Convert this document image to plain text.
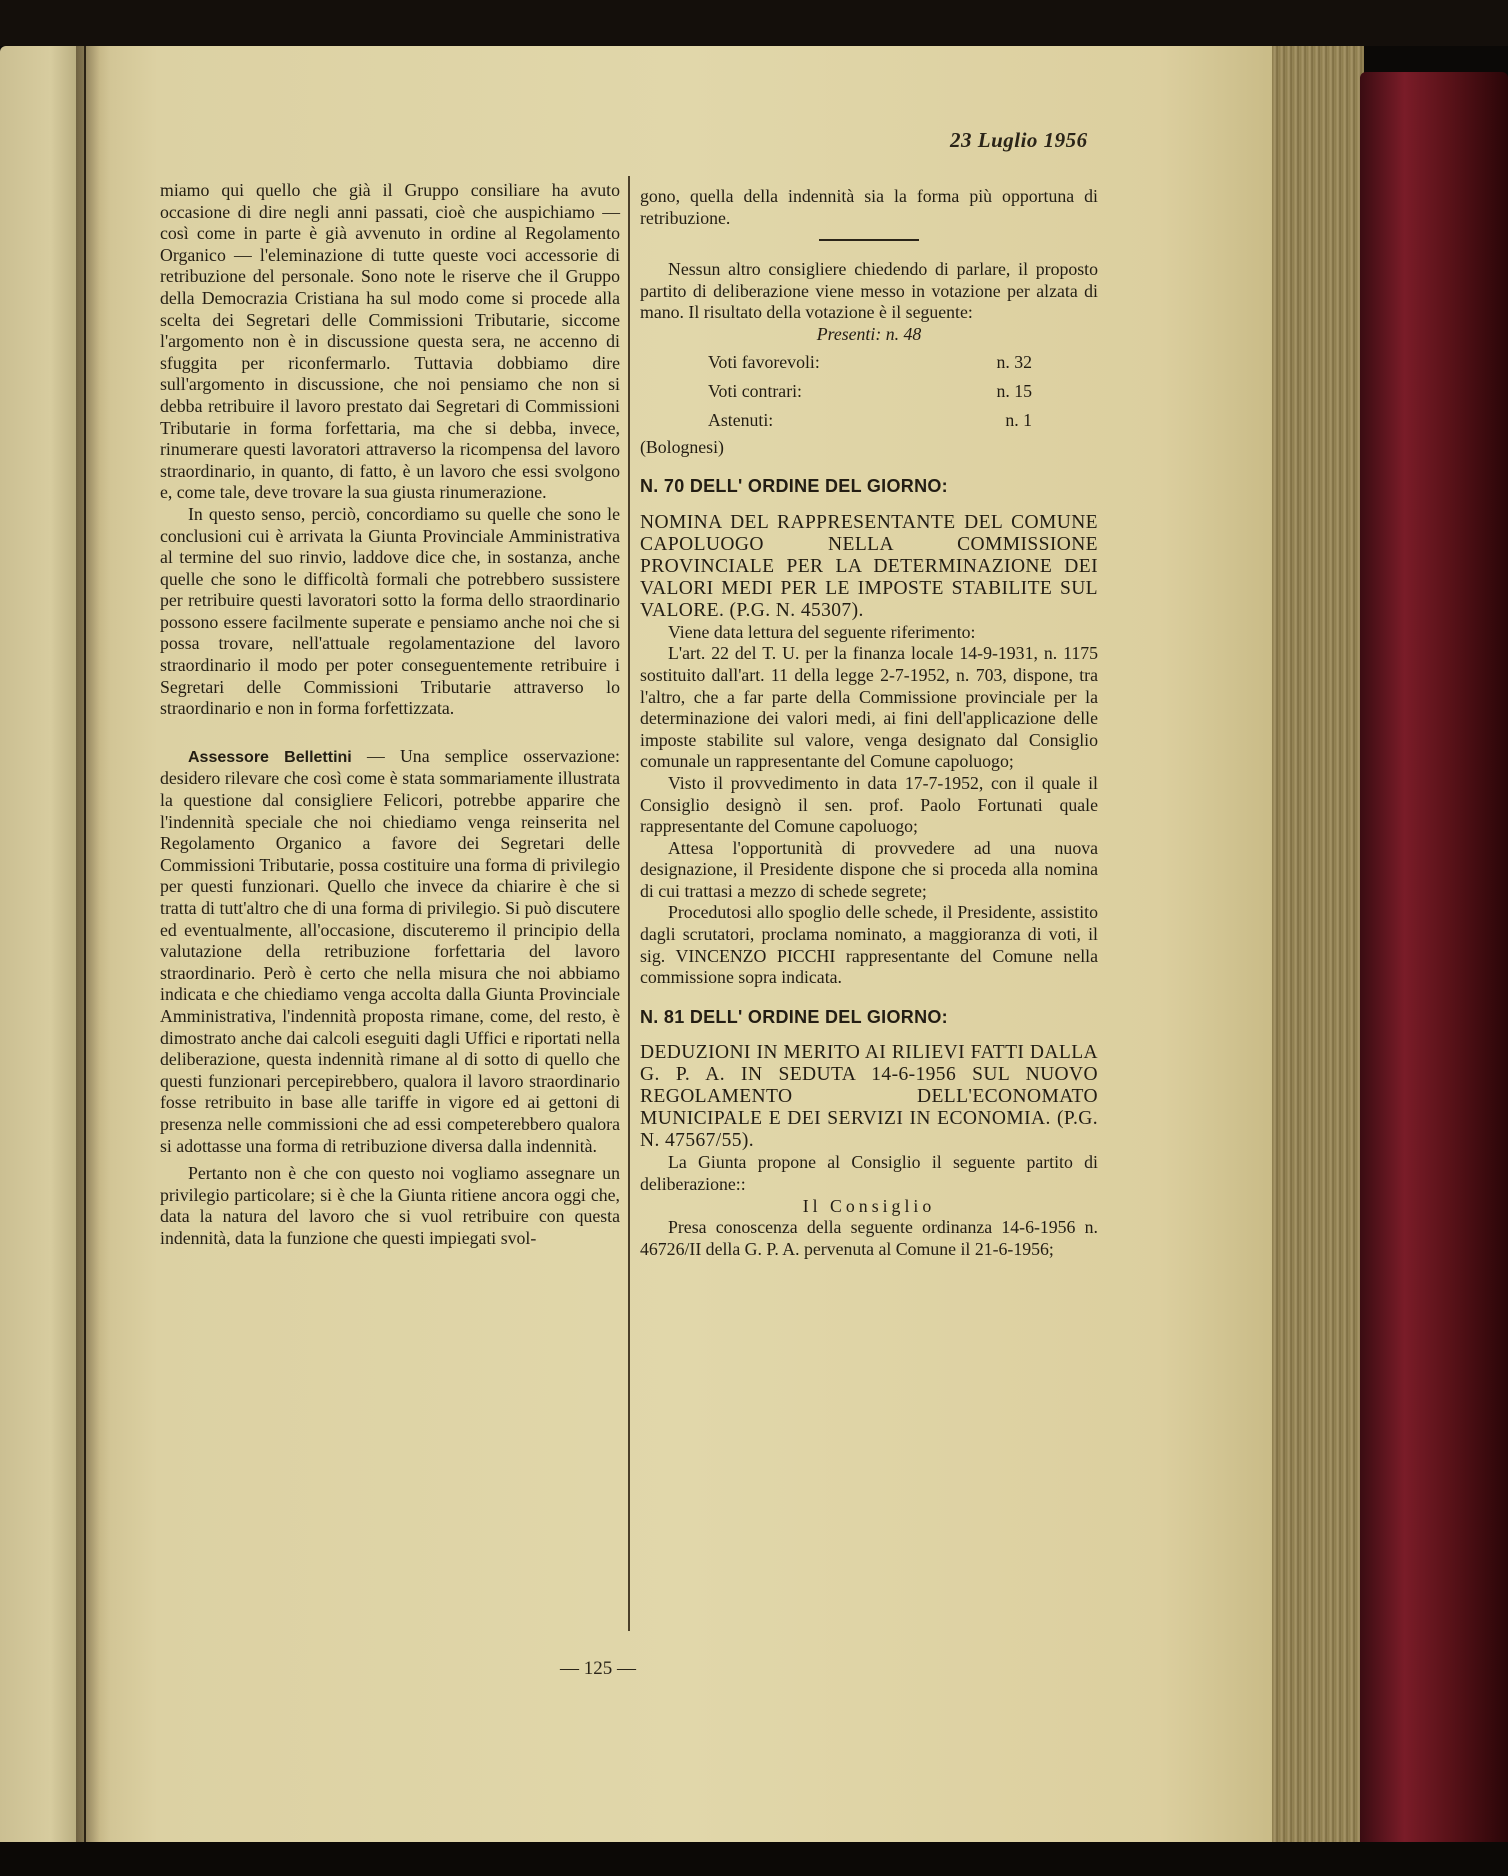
23 Luglio 1956

miamo qui quello che già il Gruppo consiliare ha avuto occasione di dire negli anni passati, cioè che auspichiamo — così come in parte è già avvenuto in ordine al Regolamento Organico — l'eleminazione di tutte queste voci accessorie di retribuzione del personale. Sono note le riserve che il Gruppo della Democrazia Cristiana ha sul modo come si procede alla scelta dei Segretari delle Commissioni Tributarie, siccome l'argomento non è in discussione questa sera, ne accenno di sfuggita per riconfermarlo. Tuttavia dobbiamo dire sull'argomento in discussione, che noi pensiamo che non si debba retribuire il lavoro prestato dai Segretari di Commissioni Tributarie in forma forfettaria, ma che si debba, invece, rinumerare questi lavoratori attraverso la ricompensa del lavoro straordinario, in quanto, di fatto, è un lavoro che essi svolgono e, come tale, deve trovare la sua giusta rinumerazione.

In questo senso, perciò, concordiamo su quelle che sono le conclusioni cui è arrivata la Giunta Provinciale Amministrativa al termine del suo rinvio, laddove dice che, in sostanza, anche quelle che sono le difficoltà formali che potrebbero sussistere per retribuire questi lavoratori sotto la forma dello straordinario possono essere facilmente superate e pensiamo anche noi che si possa trovare, nell'attuale regolamentazione del lavoro straordinario il modo per poter conseguentemente retribuire i Segretari delle Commissioni Tributarie attraverso lo straordinario e non in forma forfettizzata.

Assessore Bellettini — Una semplice osservazione: desidero rilevare che così come è stata sommariamente illustrata la questione dal consigliere Felicori, potrebbe apparire che l'indennità speciale che noi chiediamo venga reinserita nel Regolamento Organico a favore dei Segretari delle Commissioni Tributarie, possa costituire una forma di privilegio per questi funzionari. Quello che invece da chiarire è che si tratta di tutt'altro che di una forma di privilegio. Si può discutere ed eventualmente, all'occasione, discuteremo il principio della valutazione della retribuzione forfettaria del lavoro straordinario. Però è certo che nella misura che noi abbiamo indicata e che chiediamo venga accolta dalla Giunta Provinciale Amministrativa, l'indennità proposta rimane, come, del resto, è dimostrato anche dai calcoli eseguiti dagli Uffici e riportati nella deliberazione, questa indennità rimane al di sotto di quello che questi funzionari percepirebbero, qualora il lavoro straordinario fosse retribuito in base alle tariffe in vigore ed ai gettoni di presenza nelle commissioni che ad essi competerebbero qualora si adottasse una forma di retribuzione diversa dalla indennità.

Pertanto non è che con questo noi vogliamo assegnare un privilegio particolare; si è che la Giunta ritiene ancora oggi che, data la natura del lavoro che si vuol retribuire con questa indennità, data la funzione che questi impiegati svol-

gono, quella della indennità sia la forma più opportuna di retribuzione.

Nessun altro consigliere chiedendo di parlare, il proposto partito di deliberazione viene messo in votazione per alzata di mano. Il risultato della votazione è il seguente:

Presenti: n. 48

Voti favorevoli:	n. 32
Voti contrari:	n. 15
Astenuti:	n. 1

(Bolognesi)

N. 70 DELL' ORDINE DEL GIORNO:

NOMINA DEL RAPPRESENTANTE DEL COMUNE CAPOLUOGO NELLA COMMISSIONE PROVINCIALE PER LA DETERMINAZIONE DEI VALORI MEDI PER LE IMPOSTE STABILITE SUL VALORE. (P.G. N. 45307).

Viene data lettura del seguente riferimento:

L'art. 22 del T. U. per la finanza locale 14-9-1931, n. 1175 sostituito dall'art. 11 della legge 2-7-1952, n. 703, dispone, tra l'altro, che a far parte della Commissione provinciale per la determinazione dei valori medi, ai fini dell'applicazione delle imposte stabilite sul valore, venga designato dal Consiglio comunale un rappresentante del Comune capoluogo;

Visto il provvedimento in data 17-7-1952, con il quale il Consiglio designò il sen. prof. Paolo Fortunati quale rappresentante del Comune capoluogo;

Attesa l'opportunità di provvedere ad una nuova designazione, il Presidente dispone che si proceda alla nomina di cui trattasi a mezzo di schede segrete;

Procedutosi allo spoglio delle schede, il Presidente, assistito dagli scrutatori, proclama nominato, a maggioranza di voti, il sig. VINCENZO PICCHI rappresentante del Comune nella commissione sopra indicata.

N. 81 DELL' ORDINE DEL GIORNO:

DEDUZIONI IN MERITO AI RILIEVI FATTI DALLA G. P. A. IN SEDUTA 14-6-1956 SUL NUOVO REGOLAMENTO DELL'ECONOMATO MUNICIPALE E DEI SERVIZI IN ECONOMIA. (P.G. N. 47567/55).

La Giunta propone al Consiglio il seguente partito di deliberazione::

Il Consiglio

Presa conoscenza della seguente ordinanza 14-6-1956 n. 46726/II della G. P. A. pervenuta al Comune il 21-6-1956;

— 125 —
